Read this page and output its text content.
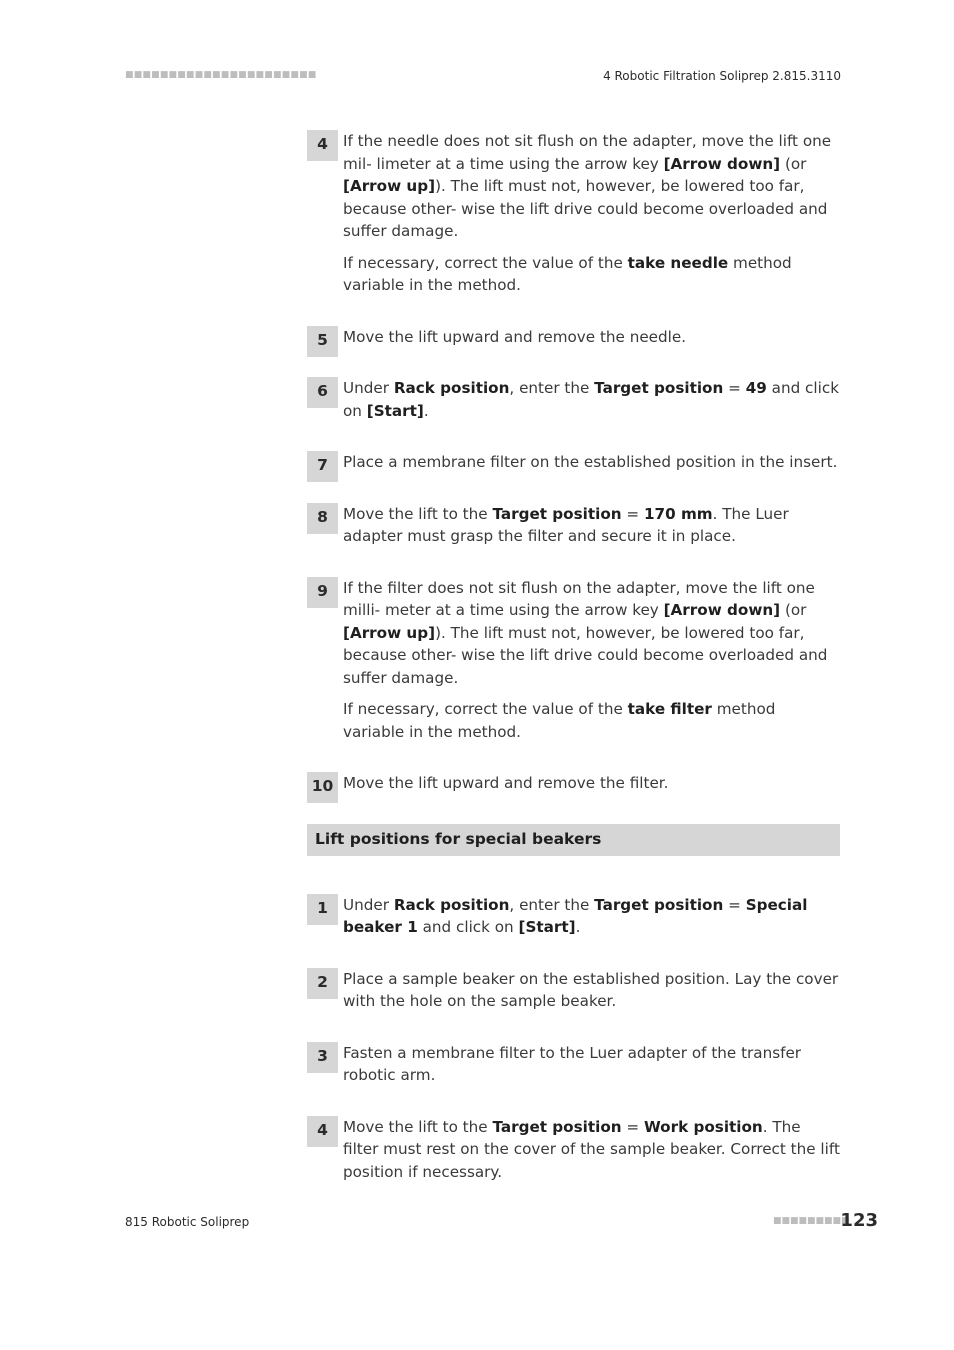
■■■■■■■■■■■■■■■■■■■■■■	4 Robotic Filtration Soliprep 2.815.3110
4 If the needle does not sit flush on the adapter, move the lift one mil- limeter at a time using the arrow key [Arrow down] (or [Arrow up]). The lift must not, however, be lowered too far, because other- wise the lift drive could become overloaded and suffer damage.

If necessary, correct the value of the take needle method variable in the method.

5 Move the lift upward and remove the needle.

6 Under Rack position, enter the Target position = 49 and click on [Start].

7 Place a membrane filter on the established position in the insert.

8 Move the lift to the Target position = 170 mm. The Luer adapter must grasp the filter and secure it in place.

9 If the filter does not sit flush on the adapter, move the lift one milli- meter at a time using the arrow key [Arrow down] (or [Arrow up]). The lift must not, however, be lowered too far, because other- wise the lift drive could become overloaded and suffer damage.

If necessary, correct the value of the take filter method variable in the method.

10 Move the lift upward and remove the filter.

Lift positions for special beakers
1 Under Rack position, enter the Target position = Special beaker 1 and click on [Start].

2 Place a sample beaker on the established position. Lay the cover with the hole on the sample beaker.

3 Fasten a membrane filter to the Luer adapter of the transfer robotic arm.

4 Move the lift to the Target position = Work position. The filter must rest on the cover of the sample beaker. Correct the lift position if necessary.

815 Robotic Soliprep	■■■■■■■■■
123
